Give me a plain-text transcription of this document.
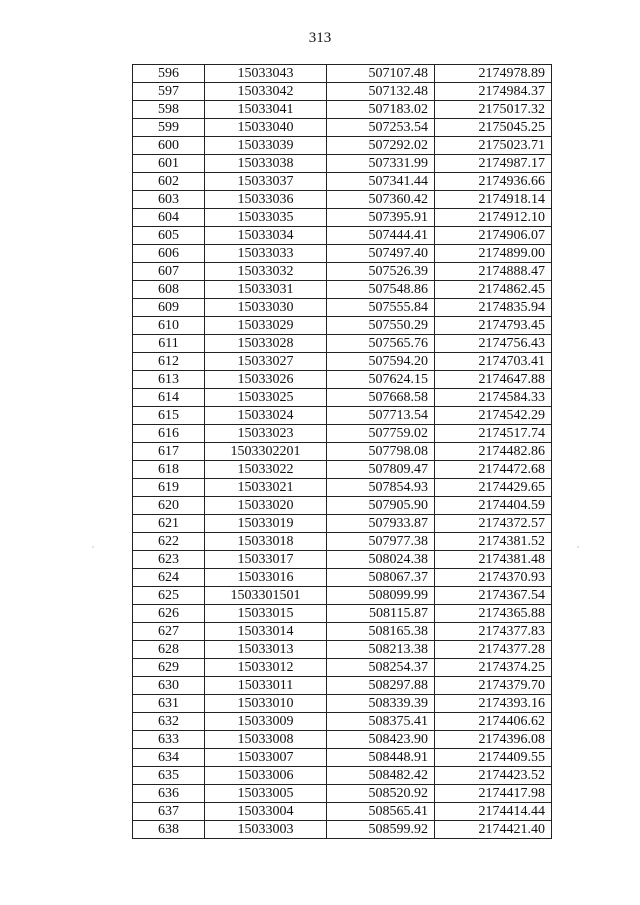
313
596	15033043	507107.48	2174978.89
597	15033042	507132.48	2174984.37
598	15033041	507183.02	2175017.32
599	15033040	507253.54	2175045.25
600	15033039	507292.02	2175023.71
601	15033038	507331.99	2174987.17
602	15033037	507341.44	2174936.66
603	15033036	507360.42	2174918.14
604	15033035	507395.91	2174912.10
605	15033034	507444.41	2174906.07
606	15033033	507497.40	2174899.00
607	15033032	507526.39	2174888.47
608	15033031	507548.86	2174862.45
609	15033030	507555.84	2174835.94
610	15033029	507550.29	2174793.45
611	15033028	507565.76	2174756.43
612	15033027	507594.20	2174703.41
613	15033026	507624.15	2174647.88
614	15033025	507668.58	2174584.33
615	15033024	507713.54	2174542.29
616	15033023	507759.02	2174517.74
617	1503302201	507798.08	2174482.86
618	15033022	507809.47	2174472.68
619	15033021	507854.93	2174429.65
620	15033020	507905.90	2174404.59
621	15033019	507933.87	2174372.57
622	15033018	507977.38	2174381.52
623	15033017	508024.38	2174381.48
624	15033016	508067.37	2174370.93
625	1503301501	508099.99	2174367.54
626	15033015	508115.87	2174365.88
627	15033014	508165.38	2174377.83
628	15033013	508213.38	2174377.28
629	15033012	508254.37	2174374.25
630	15033011	508297.88	2174379.70
631	15033010	508339.39	2174393.16
632	15033009	508375.41	2174406.62
633	15033008	508423.90	2174396.08
634	15033007	508448.91	2174409.55
635	15033006	508482.42	2174423.52
636	15033005	508520.92	2174417.98
637	15033004	508565.41	2174414.44
638	15033003	508599.92	2174421.40
